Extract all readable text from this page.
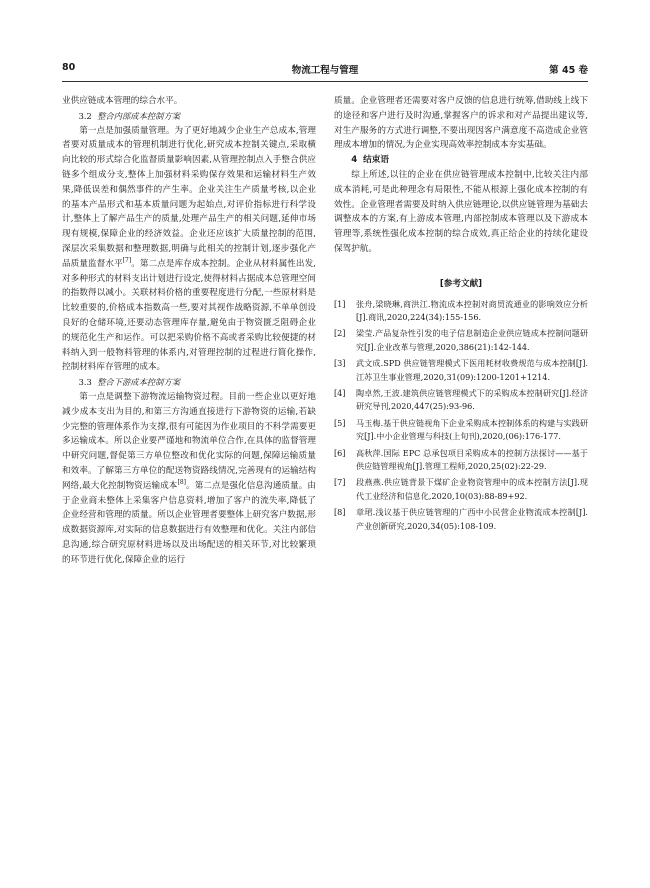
80	物流工程与管理	第 45 卷

业供应链成本管理的综合水平。

3.2 整合内部成本控制方案

第一点是加强质量管理。为了更好地减少企业生产总成本,管理者要对质量成本的管理机制进行优化,研究成本控制关键点,采取横向比较的形式综合化监督质量影响因素,从管理控制点入手整合供应链多个组成分支,整体上加强材料采购保存效果和运输材料生产效果,降低误差和偶然事件的产生率。企业关注生产质量考核,以企业的基本产品形式和基本质量问题为起始点,对评价指标进行科学设计,整体上了解产品生产的质量,处理产品生产的相关问题,延伸市场现有规模,保障企业的经济效益。企业还应该扩大质量控制的范围,深层次采集数据和整理数据,明确与此相关的控制计划,逐步强化产品质量监督水平[7]。第二点是库存成本控制。企业从材料属性出发,对多种形式的材料支出计划进行设定,使得材料占据成本总管理空间的指数得以减小。关联材料价格的重要程度进行分配,一些原材料是比较重要的,价格成本指数高一些,要对其视作战略资源,不单单创设良好的仓储环境,还要动态管理库存量,避免由于物资匮乏阻碍企业的规范化生产和运作。可以把采购价格不高或者采购比较便捷的材料纳入到一般物料管理的体系内,对管理控制的过程进行简化操作,控制材料库存管理的成本。

3.3 整合下游成本控制方案

第一点是调整下游物流运输物资过程。目前一些企业以更好地减少成本支出为目的,和第三方沟通直接进行下游物资的运输,若缺少完整的管理体系作为支撑,很有可能因为作业项目的不科学需要更多运输成本。所以企业要严谨地和物流单位合作,在具体的监督管理中研究问题,督促第三方单位整改和优化实际的问题,保障运输质量和效率。了解第三方单位的配送物资路线情况,完善现有的运输结构网络,最大化控制物资运输成本[8]。第二点是强化信息沟通质量。由于企业商未整体上采集客户信息资料,增加了客户的流失率,降低了企业经营和管理的质量。所以企业管理者要整体上研究客户数据,形成数据资源库,对实际的信息数据进行有效整理和优化。关注内部信息沟通,综合研究原材料进场以及出场配送的相关环节,对比较繁琐的环节进行优化,保障企业的运行

质量。企业管理者还需要对客户反馈的信息进行统筹,借助线上线下的途径和客户进行及时沟通,掌握客户的诉求和对产品提出建议等,对生产服务的方式进行调整,不要出现因客户满意度不高造成企业管理成本增加的情况,为企业实现高效率控制成本夯实基础。

4 结束语

综上所述,以往的企业在供应链管理成本控制中,比较关注内部成本消耗,可是此种理念有局限性,不能从根源上强化成本控制的有效性。企业管理者需要及时纳入供应链理论,以供应链管理为基础去调整成本的方案,有上游成本管理,内部控制成本管理以及下游成本管理等,系统性强化成本控制的综合成效,真正给企业的持续化建设保驾护航。

[参考文献]
[1] 张舟,梁晓琳,商洪江.物流成本控制对商贸流通业的影响效应分析[J].商讯,2020,224(34):155-156.
[2] 梁莹.产品复杂性引发的电子信息制造企业供应链成本控制问题研究[J].企业改革与管理,2020,386(21):142-144.
[3] 武文成.SPD 供应链管理模式下医用耗材收费规范与成本控制[J].江苏卫生事业管理,2020,31(09):1200-1201+1214.
[4] 陶卓然,王波.建筑供应链管理模式下的采购成本控制研究[J].经济研究导刊,2020,447(25):93-96.
[5] 马玉梅.基于供应链视角下企业采购成本控制体系的构建与实践研究[J].中小企业管理与科技(上旬刊),2020,(06):176-177.
[6] 高秋萍.国际 EPC 总承包项目采购成本的控制方法探讨——基于供应链管理视角[J].管理工程师,2020,25(02):22-29.
[7] 段燕燕.供应链背景下煤矿企业物资管理中的成本控制方法[J].现代工业经济和信息化,2020,10(03):88-89+92.
[8] 章珺.浅议基于供应链管理的广西中小民营企业物流成本控制[J].产业创新研究,2020,34(05):108-109.
